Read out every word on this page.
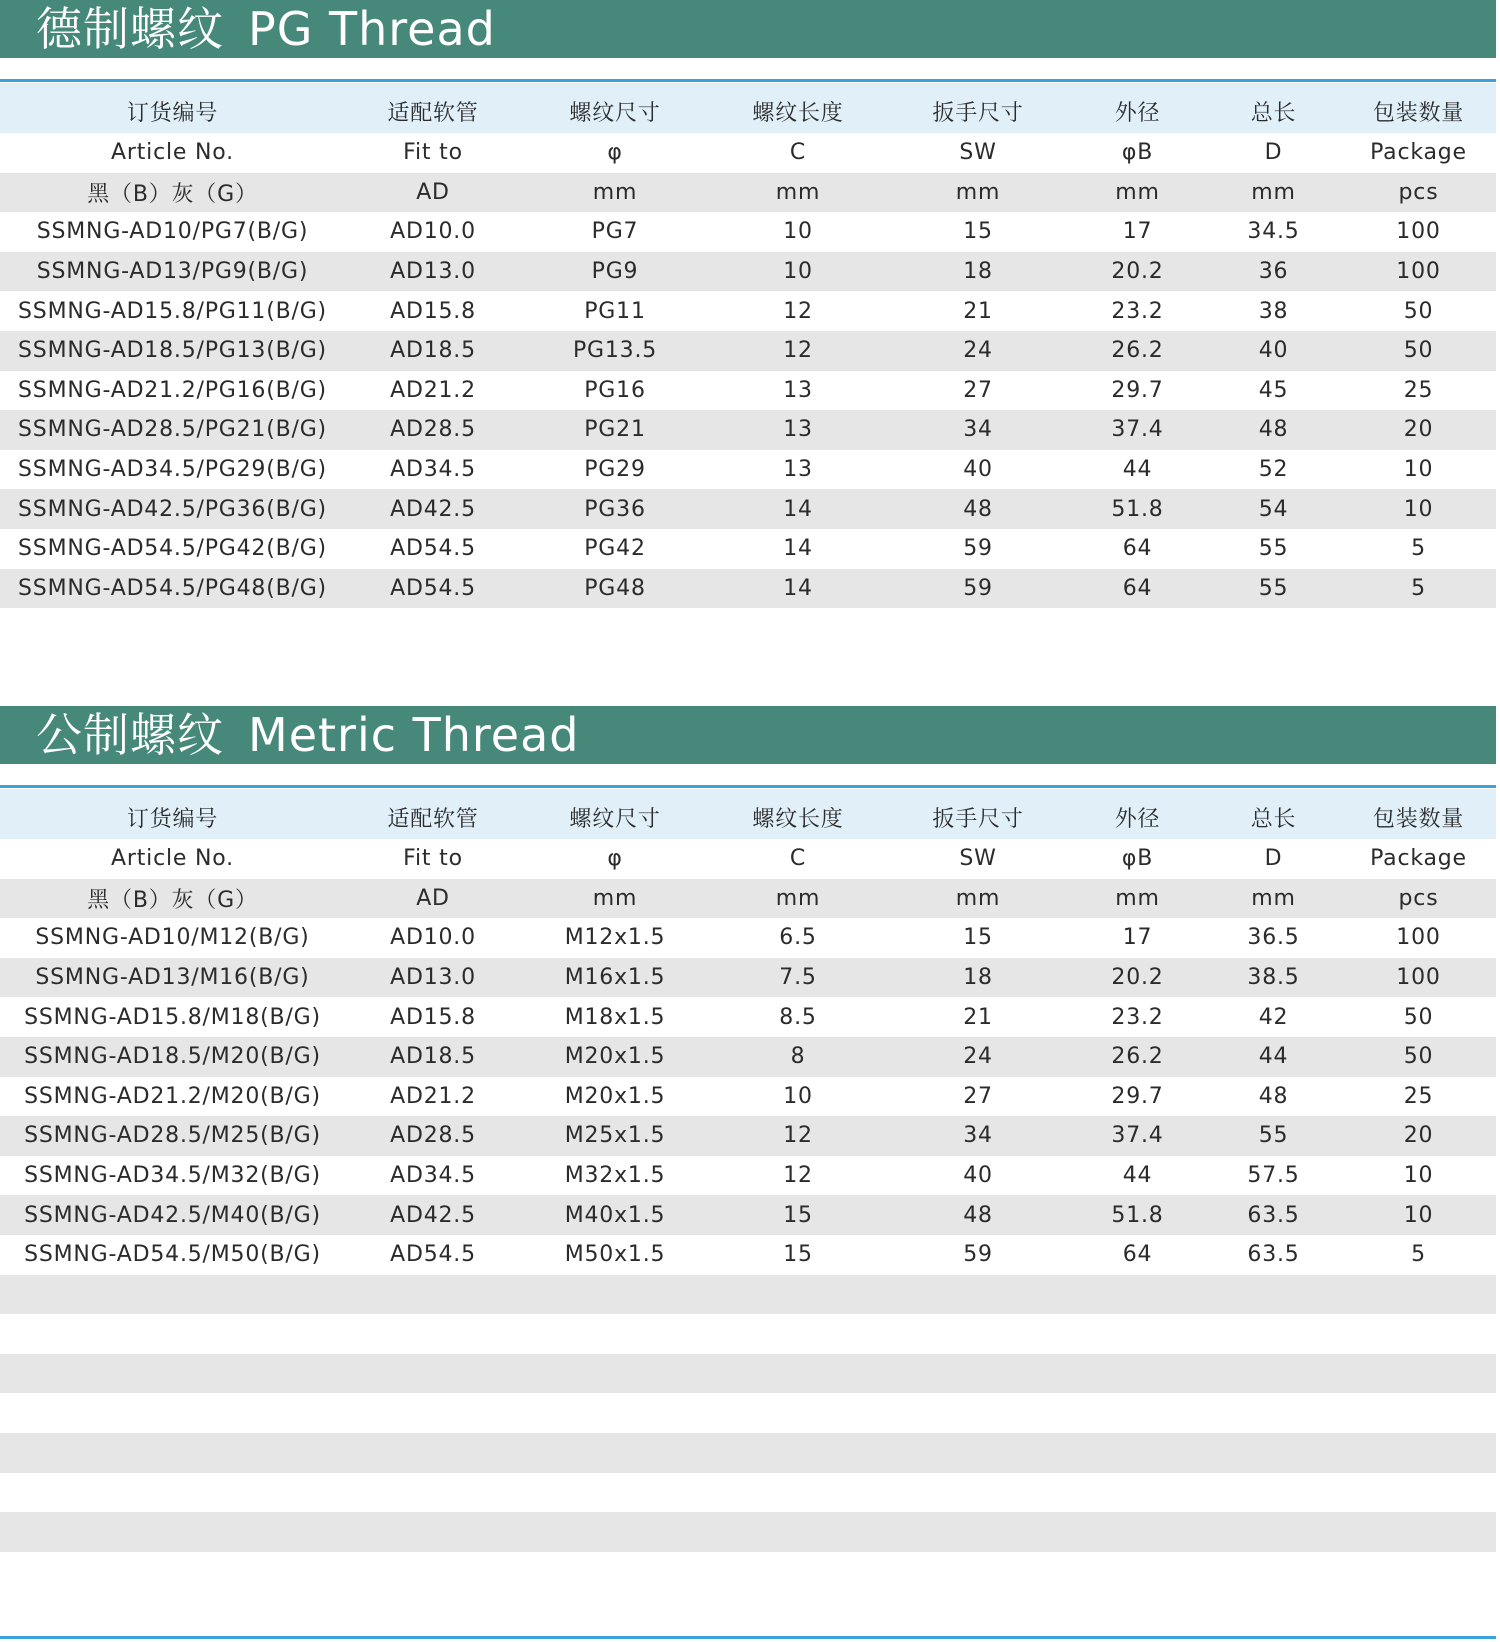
德制螺纹 PG Thread
订货编号	适配软管	螺纹尺寸	螺纹长度	扳手尺寸	外径	总长	包装数量
Article No.	Fit to	φ	C	SW	φB	D	Package
黑（B）灰（G）	AD	mm	mm	mm	mm	mm	pcs
SSMNG-AD10/PG7(B/G)	AD10.0	PG7	10	15	17	34.5	100
SSMNG-AD13/PG9(B/G)	AD13.0	PG9	10	18	20.2	36	100
SSMNG-AD15.8/PG11(B/G)	AD15.8	PG11	12	21	23.2	38	50
SSMNG-AD18.5/PG13(B/G)	AD18.5	PG13.5	12	24	26.2	40	50
SSMNG-AD21.2/PG16(B/G)	AD21.2	PG16	13	27	29.7	45	25
SSMNG-AD28.5/PG21(B/G)	AD28.5	PG21	13	34	37.4	48	20
SSMNG-AD34.5/PG29(B/G)	AD34.5	PG29	13	40	44	52	10
SSMNG-AD42.5/PG36(B/G)	AD42.5	PG36	14	48	51.8	54	10
SSMNG-AD54.5/PG42(B/G)	AD54.5	PG42	14	59	64	55	5
SSMNG-AD54.5/PG48(B/G)	AD54.5	PG48	14	59	64	55	5
公制螺纹 Metric Thread
订货编号	适配软管	螺纹尺寸	螺纹长度	扳手尺寸	外径	总长	包装数量
Article No.	Fit to	φ	C	SW	φB	D	Package
黑（B）灰（G）	AD	mm	mm	mm	mm	mm	pcs
SSMNG-AD10/M12(B/G)	AD10.0	M12x1.5	6.5	15	17	36.5	100
SSMNG-AD13/M16(B/G)	AD13.0	M16x1.5	7.5	18	20.2	38.5	100
SSMNG-AD15.8/M18(B/G)	AD15.8	M18x1.5	8.5	21	23.2	42	50
SSMNG-AD18.5/M20(B/G)	AD18.5	M20x1.5	8	24	26.2	44	50
SSMNG-AD21.2/M20(B/G)	AD21.2	M20x1.5	10	27	29.7	48	25
SSMNG-AD28.5/M25(B/G)	AD28.5	M25x1.5	12	34	37.4	55	20
SSMNG-AD34.5/M32(B/G)	AD34.5	M32x1.5	12	40	44	57.5	10
SSMNG-AD42.5/M40(B/G)	AD42.5	M40x1.5	15	48	51.8	63.5	10
SSMNG-AD54.5/M50(B/G)	AD54.5	M50x1.5	15	59	64	63.5	5
